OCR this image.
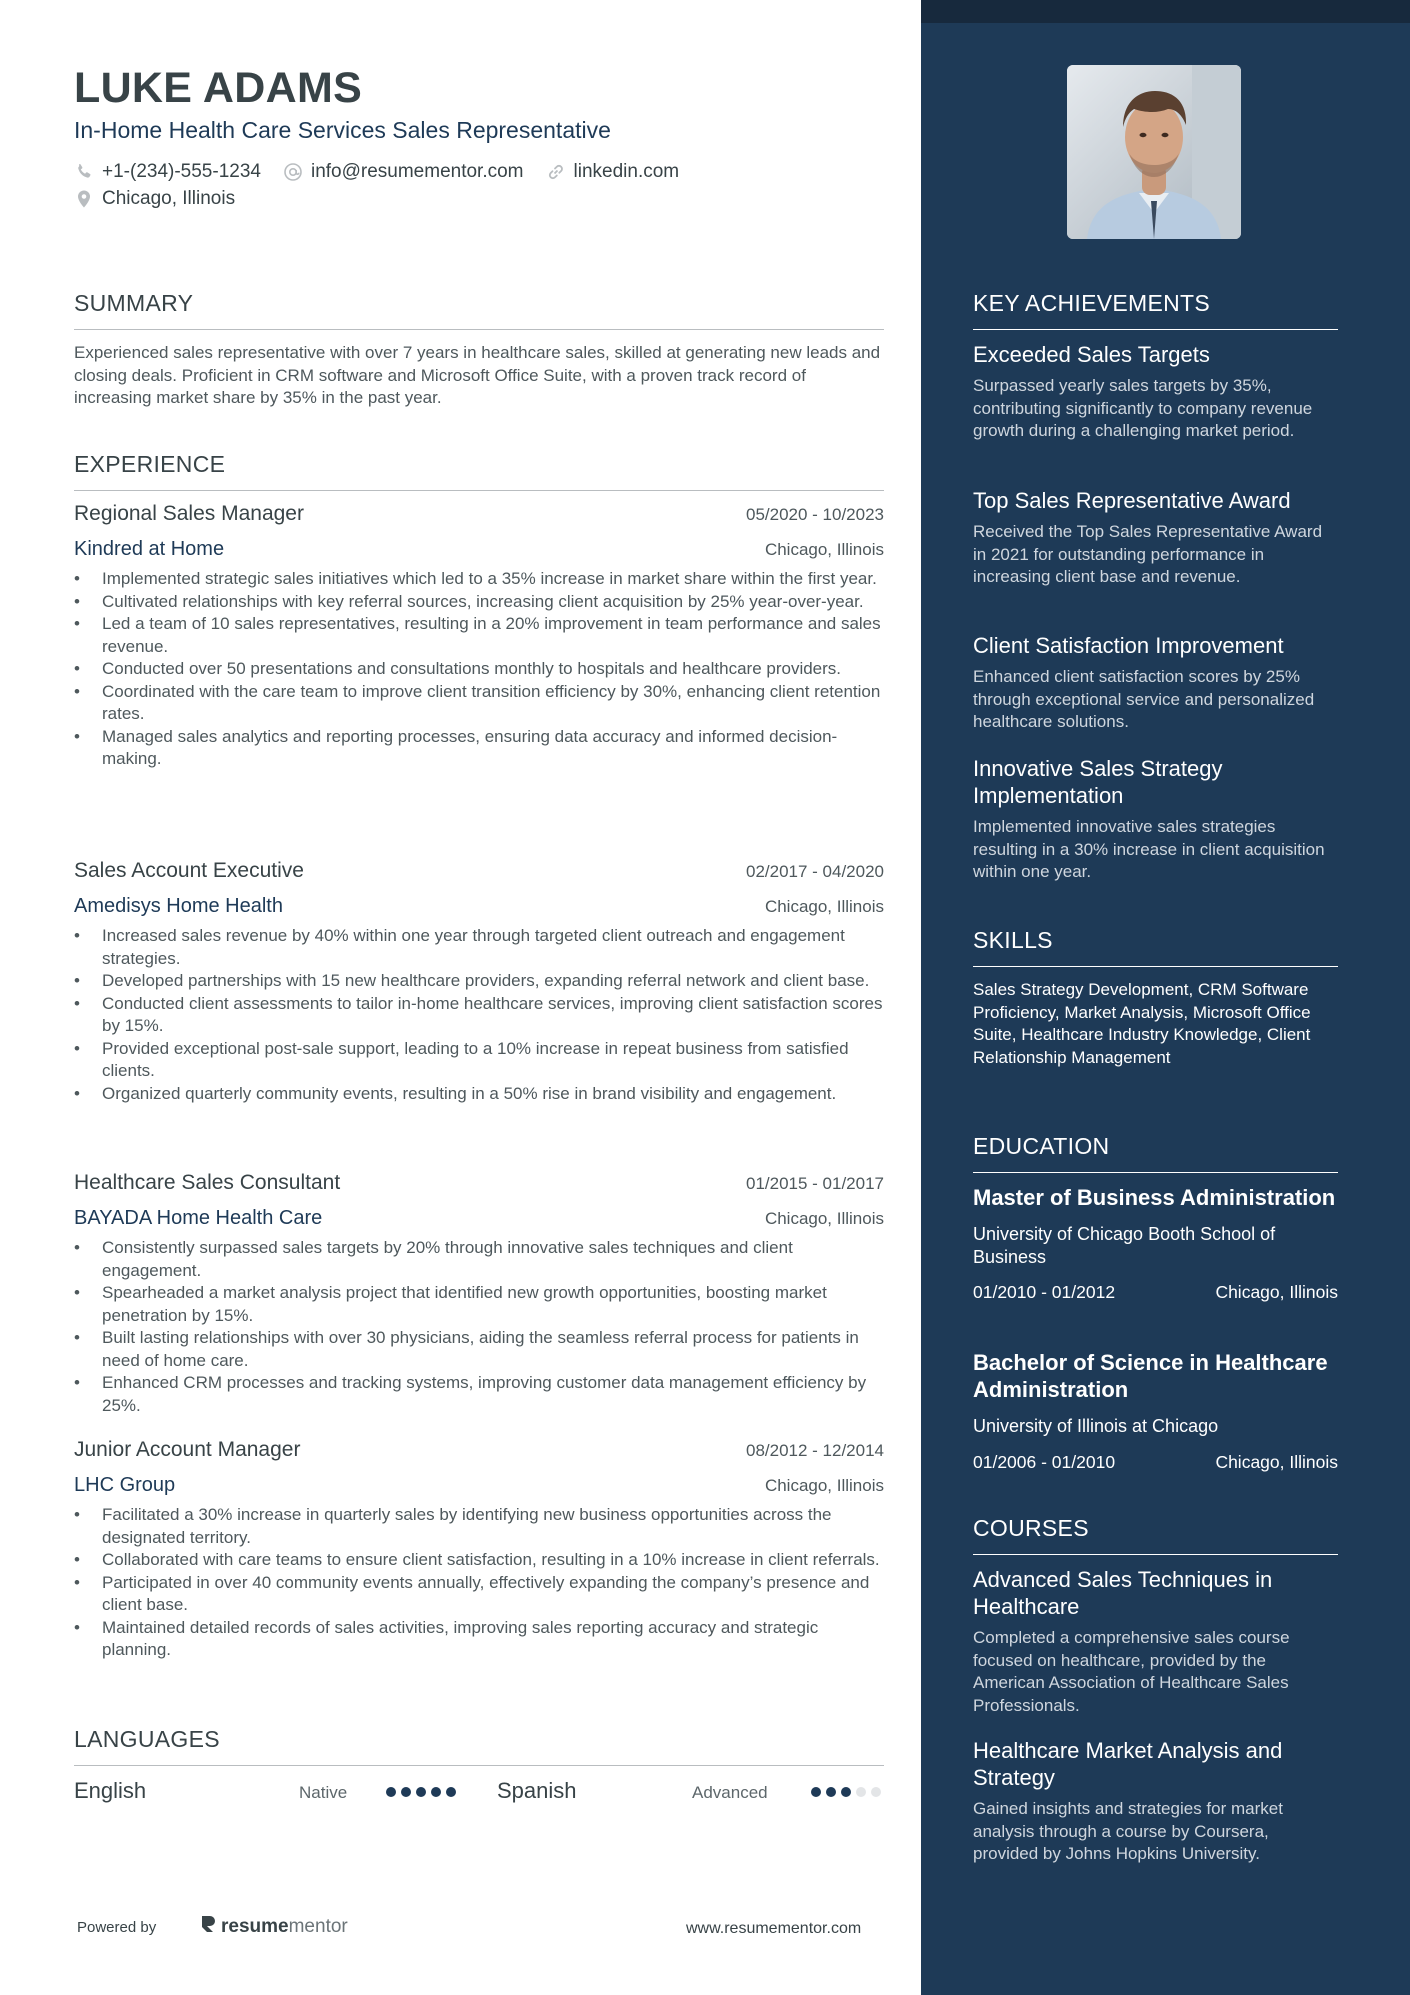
LUKE ADAMS
In-Home Health Care Services Sales Representative
+1-(234)-555-1234	info@resumementor.com	linkedin.com
Chicago, Illinois
SUMMARY
Experienced sales representative with over 7 years in healthcare sales, skilled at generating new leads and closing deals. Proficient in CRM software and Microsoft Office Suite, with a proven track record of increasing market share by 35% in the past year.
EXPERIENCE
Regional Sales Manager	05/2020 - 10/2023
Kindred at Home	Chicago, Illinois
• Implemented strategic sales initiatives which led to a 35% increase in market share within the first year.
• Cultivated relationships with key referral sources, increasing client acquisition by 25% year-over-year.
• Led a team of 10 sales representatives, resulting in a 20% improvement in team performance and sales revenue.
• Conducted over 50 presentations and consultations monthly to hospitals and healthcare providers.
• Coordinated with the care team to improve client transition efficiency by 30%, enhancing client retention rates.
• Managed sales analytics and reporting processes, ensuring data accuracy and informed decision-making.
Sales Account Executive	02/2017 - 04/2020
Amedisys Home Health	Chicago, Illinois
• Increased sales revenue by 40% within one year through targeted client outreach and engagement strategies.
• Developed partnerships with 15 new healthcare providers, expanding referral network and client base.
• Conducted client assessments to tailor in-home healthcare services, improving client satisfaction scores by 15%.
• Provided exceptional post-sale support, leading to a 10% increase in repeat business from satisfied clients.
• Organized quarterly community events, resulting in a 50% rise in brand visibility and engagement.
Healthcare Sales Consultant	01/2015 - 01/2017
BAYADA Home Health Care	Chicago, Illinois
• Consistently surpassed sales targets by 20% through innovative sales techniques and client engagement.
• Spearheaded a market analysis project that identified new growth opportunities, boosting market penetration by 15%.
• Built lasting relationships with over 30 physicians, aiding the seamless referral process for patients in need of home care.
• Enhanced CRM processes and tracking systems, improving customer data management efficiency by 25%.
Junior Account Manager	08/2012 - 12/2014
LHC Group	Chicago, Illinois
• Facilitated a 30% increase in quarterly sales by identifying new business opportunities across the designated territory.
• Collaborated with care teams to ensure client satisfaction, resulting in a 10% increase in client referrals.
• Participated in over 40 community events annually, effectively expanding the company’s presence and client base.
• Maintained detailed records of sales activities, improving sales reporting accuracy and strategic planning.
LANGUAGES
English	Native	Spanish	Advanced
Powered by	resumementor	www.resumementor.com
KEY ACHIEVEMENTS
Exceeded Sales Targets
Surpassed yearly sales targets by 35%, contributing significantly to company revenue growth during a challenging market period.
Top Sales Representative Award
Received the Top Sales Representative Award in 2021 for outstanding performance in increasing client base and revenue.
Client Satisfaction Improvement
Enhanced client satisfaction scores by 25% through exceptional service and personalized healthcare solutions.
Innovative Sales Strategy Implementation
Implemented innovative sales strategies resulting in a 30% increase in client acquisition within one year.
SKILLS
Sales Strategy Development, CRM Software Proficiency, Market Analysis, Microsoft Office Suite, Healthcare Industry Knowledge, Client Relationship Management
EDUCATION
Master of Business Administration
University of Chicago Booth School of Business
01/2010 - 01/2012	Chicago, Illinois
Bachelor of Science in Healthcare Administration
University of Illinois at Chicago
01/2006 - 01/2010	Chicago, Illinois
COURSES
Advanced Sales Techniques in Healthcare
Completed a comprehensive sales course focused on healthcare, provided by the American Association of Healthcare Sales Professionals.
Healthcare Market Analysis and Strategy
Gained insights and strategies for market analysis through a course by Coursera, provided by Johns Hopkins University.
